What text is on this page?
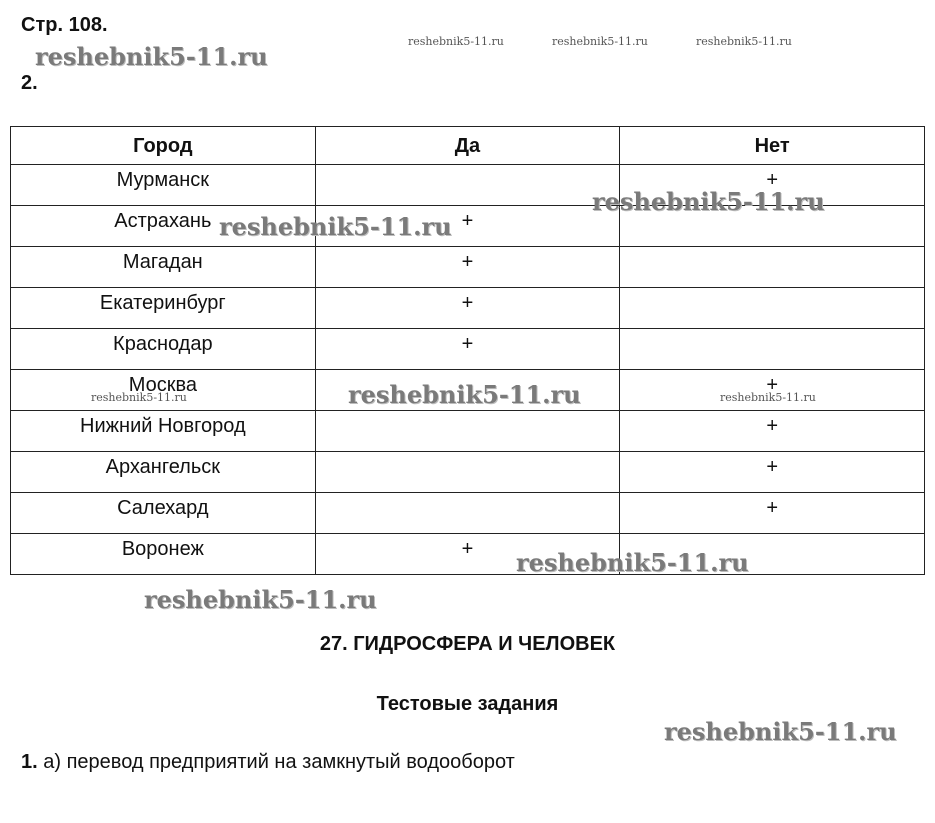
Стр. 108.
2.
Город	Да	Нет
Мурманск		+
Астрахань	+	
Магадан	+	
Екатеринбург	+	
Краснодар	+	
Москва		+
Нижний Новгород		+
Архангельск		+
Салехард		+
Воронеж	+	
27. ГИДРОСФЕРА И ЧЕЛОВЕК
Тестовые задания
1. а) перевод предприятий на замкнутый водооборот
reshebnik5-11.ru
reshebnik5-11.ru	reshebnik5-11.ru	reshebnik5-11.ru
reshebnik5-11.ru
reshebnik5-11.ru
reshebnik5-11.ru
reshebnik5-11.ru	reshebnik5-11.ru
reshebnik5-11.ru
reshebnik5-11.ru
reshebnik5-11.ru
